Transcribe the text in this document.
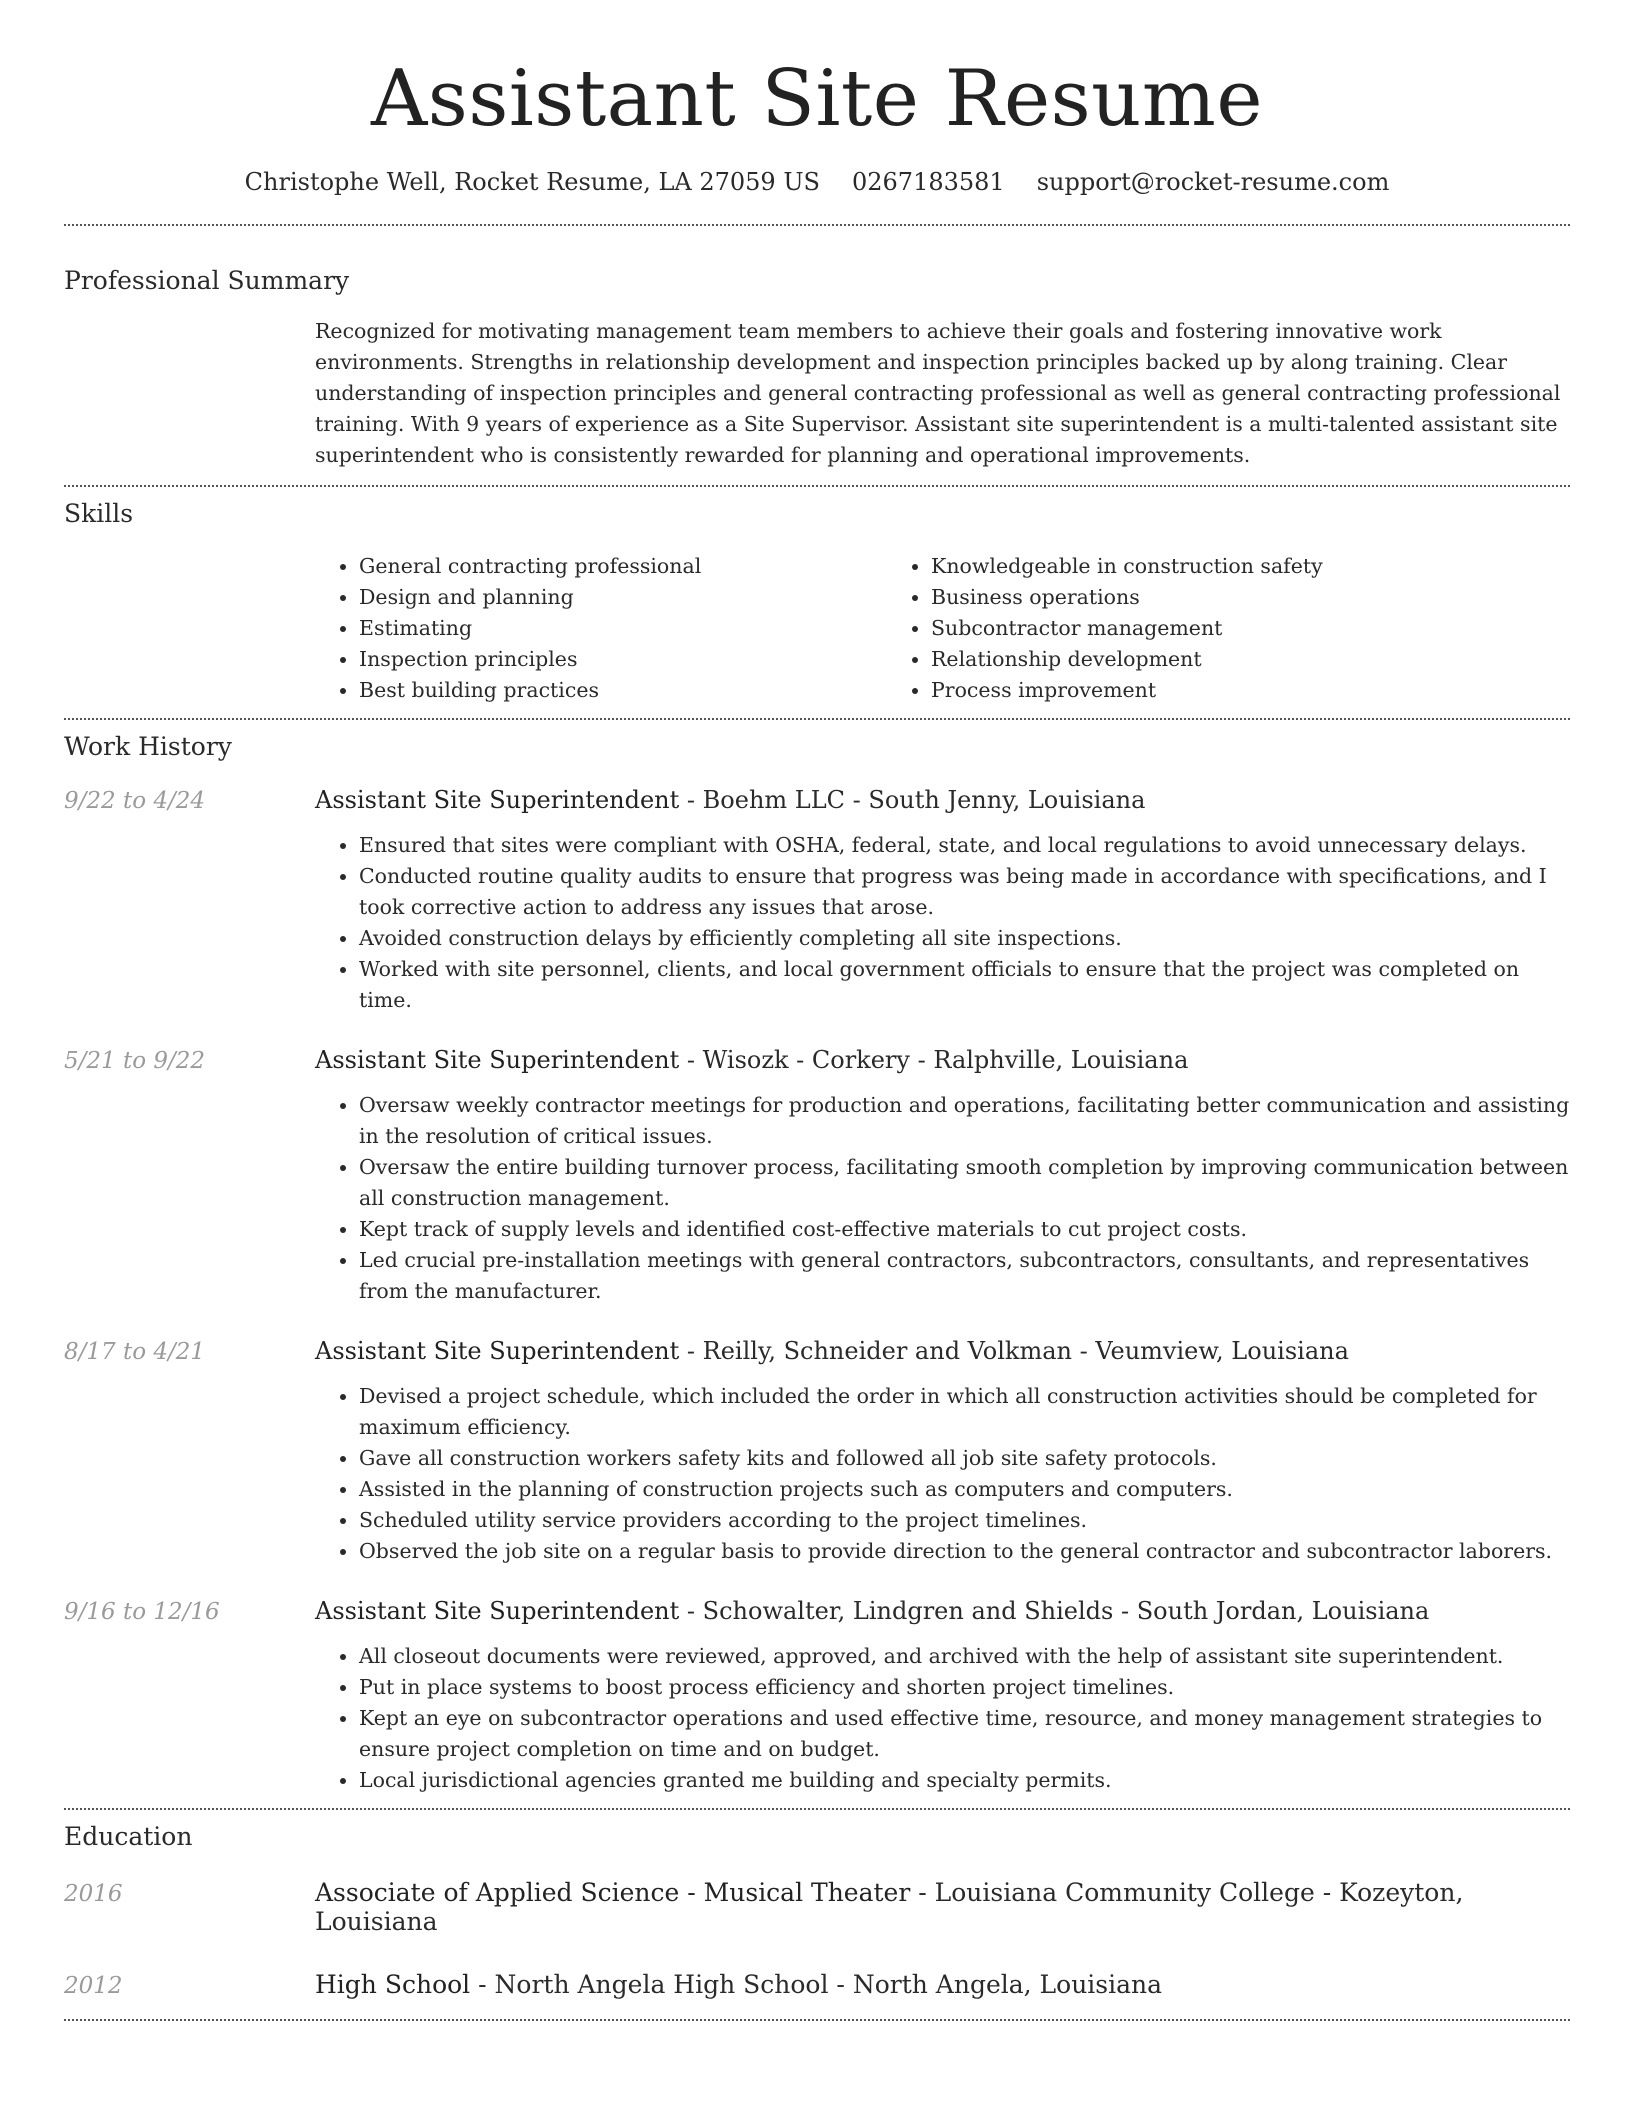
Assistant Site Resume
Christophe Well, Rocket Resume, LA 27059 US 0267183581 support@rocket-resume.com
Professional Summary
Recognized for motivating management team members to achieve their goals and fostering innovative work environments. Strengths in relationship development and inspection principles backed up by along training. Clear understanding of inspection principles and general contracting professional as well as general contracting professional training. With 9 years of experience as a Site Supervisor. Assistant site superintendent is a multi-talented assistant site superintendent who is consistently rewarded for planning and operational improvements.
Skills
• General contracting professional
• Design and planning
• Estimating
• Inspection principles
• Best building practices
• Knowledgeable in construction safety
• Business operations
• Subcontractor management
• Relationship development
• Process improvement
Work History
9/22 to 4/24	Assistant Site Superintendent - Boehm LLC - South Jenny, Louisiana
• Ensured that sites were compliant with OSHA, federal, state, and local regulations to avoid unnecessary delays.
• Conducted routine quality audits to ensure that progress was being made in accordance with specifications, and I took corrective action to address any issues that arose.
• Avoided construction delays by efficiently completing all site inspections.
• Worked with site personnel, clients, and local government officials to ensure that the project was completed on time.
5/21 to 9/22	Assistant Site Superintendent - Wisozk - Corkery - Ralphville, Louisiana
• Oversaw weekly contractor meetings for production and operations, facilitating better communication and assisting in the resolution of critical issues.
• Oversaw the entire building turnover process, facilitating smooth completion by improving communication between all construction management.
• Kept track of supply levels and identified cost-effective materials to cut project costs.
• Led crucial pre-installation meetings with general contractors, subcontractors, consultants, and representatives from the manufacturer.
8/17 to 4/21	Assistant Site Superintendent - Reilly, Schneider and Volkman - Veumview, Louisiana
• Devised a project schedule, which included the order in which all construction activities should be completed for maximum efficiency.
• Gave all construction workers safety kits and followed all job site safety protocols.
• Assisted in the planning of construction projects such as computers and computers.
• Scheduled utility service providers according to the project timelines.
• Observed the job site on a regular basis to provide direction to the general contractor and subcontractor laborers.
9/16 to 12/16	Assistant Site Superintendent - Schowalter, Lindgren and Shields - South Jordan, Louisiana
• All closeout documents were reviewed, approved, and archived with the help of assistant site superintendent.
• Put in place systems to boost process efficiency and shorten project timelines.
• Kept an eye on subcontractor operations and used effective time, resource, and money management strategies to ensure project completion on time and on budget.
• Local jurisdictional agencies granted me building and specialty permits.
Education
2016	Associate of Applied Science - Musical Theater - Louisiana Community College - Kozeyton, Louisiana
2012	High School - North Angela High School - North Angela, Louisiana
